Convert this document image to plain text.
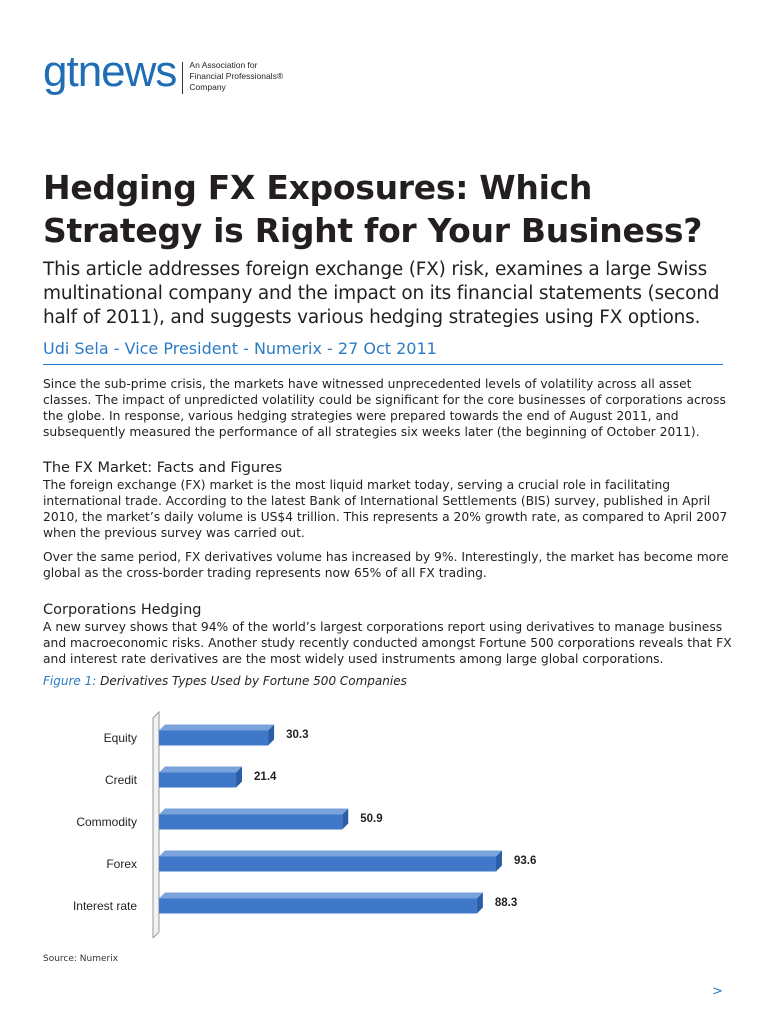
gtnews An Association for
Financial Professionals®
Company
Hedging FX Exposures: Which
Strategy is Right for Your Business?

This article addresses foreign exchange (FX) risk, examines a large Swiss multinational company and the impact on its financial statements (second half of 2011), and suggests various hedging strategies using FX options.

Udi Sela - Vice President - Numerix - 27 Oct 2011

Since the sub-prime crisis, the markets have witnessed unprecedented levels of volatility across all asset classes. The impact of unpredicted volatility could be significant for the core businesses of corporations across the globe. In response, various hedging strategies were prepared towards the end of August 2011, and subsequently measured the performance of all strategies six weeks later (the beginning of October 2011).

The FX Market: Facts and Figures

The foreign exchange (FX) market is the most liquid market today, serving a crucial role in facilitating international trade. According to the latest Bank of International Settlements (BIS) survey, published in April 2010, the market’s daily volume is US$4 trillion. This represents a 20% growth rate, as compared to April 2007 when the previous survey was carried out.

Over the same period, FX derivatives volume has increased by 9%. Interestingly, the market has become more global as the cross-border trading represents now 65% of all FX trading.

Corporations Hedging

A new survey shows that 94% of the world’s largest corporations report using derivatives to manage business and macroeconomic risks. Another study recently conducted amongst Fortune 500 corporations reveals that FX and interest rate derivatives are the most widely used instruments among large global corporations.

Figure 1: Derivatives Types Used by Fortune 500 Companies
Equity	30.3
Credit	21.4
Commodity	50.9
Forex	93.6
Interest rate	88.3
Source: Numerix
>
